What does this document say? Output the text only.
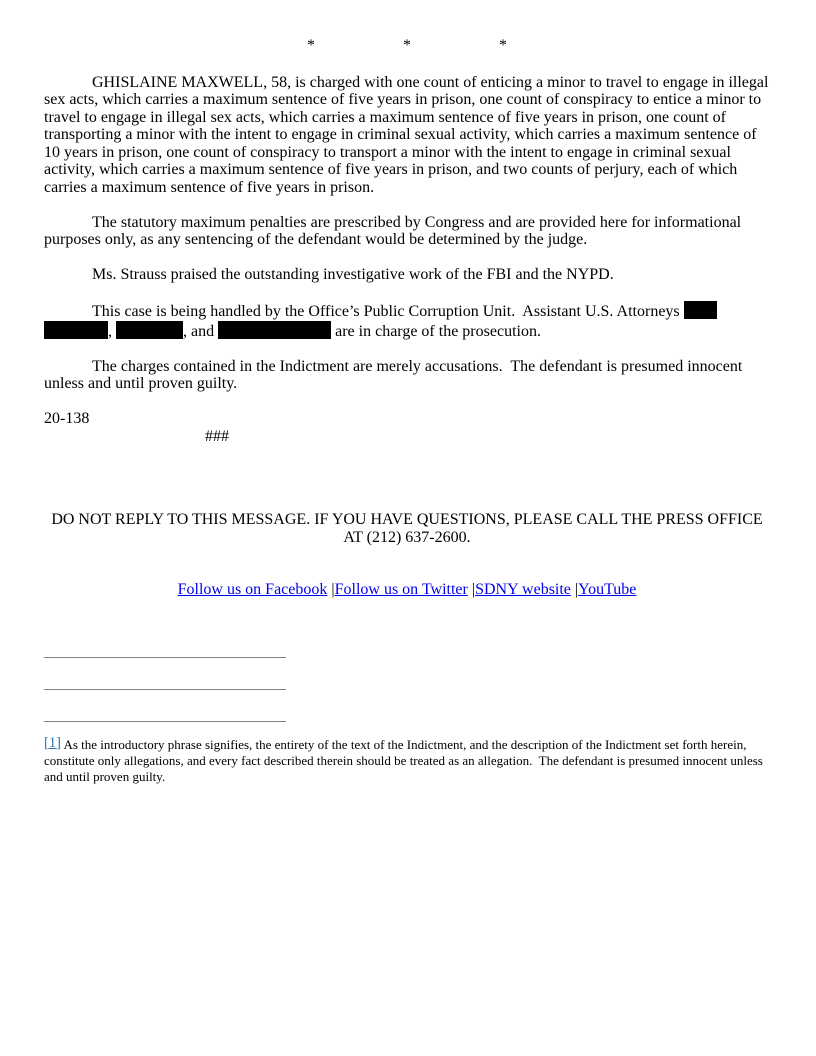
*	*	*

GHISLAINE MAXWELL, 58, is charged with one count of enticing a minor to travel to engage in illegal sex acts, which carries a maximum sentence of five years in prison, one count of conspiracy to entice a minor to travel to engage in illegal sex acts, which carries a maximum sentence of five years in prison, one count of transporting a minor with the intent to engage in criminal sexual activity, which carries a maximum sentence of 10 years in prison, one count of conspiracy to transport a minor with the intent to engage in criminal sexual activity, which carries a maximum sentence of five years in prison, and two counts of perjury, each of which carries a maximum sentence of five years in prison.

The statutory maximum penalties are prescribed by Congress and are provided here for informational purposes only, as any sentencing of the defendant would be determined by the judge.

Ms. Strauss praised the outstanding investigative work of the FBI and the NYPD.

This case is being handled by the Office’s Public Corruption Unit.  Assistant U.S. Attorneys  ,	, and	are in charge of the prosecution.

The charges contained in the Indictment are merely accusations.  The defendant is presumed innocent unless and until proven guilty.

20-138

###

DO NOT REPLY TO THIS MESSAGE. IF YOU HAVE QUESTIONS, PLEASE CALL THE PRESS OFFICE AT (212) 637-2600.
Follow us on Facebook |Follow us on Twitter |SDNY website |YouTube
[1] As the introductory phrase signifies, the entirety of the text of the Indictment, and the description of the Indictment set forth herein, constitute only allegations, and every fact described therein should be treated as an allegation.  The defendant is presumed innocent unless and until proven guilty.
